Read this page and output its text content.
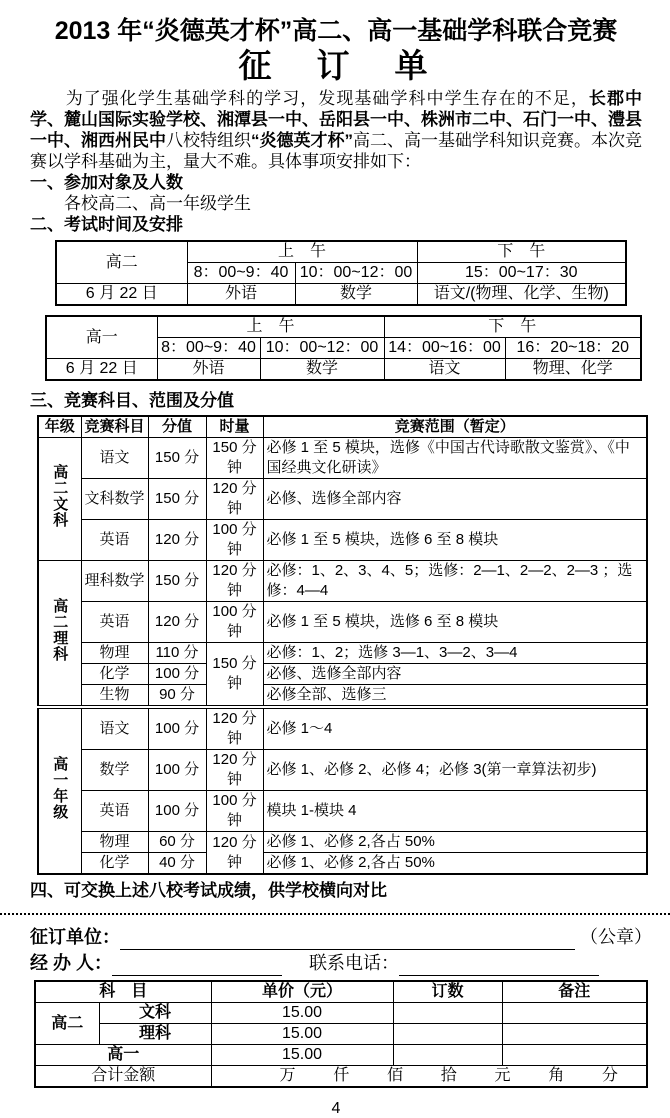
2013 年“炎德英才杯”高二、高一基础学科联合竞赛
征　订　单

为了强化学生基础学科的学习，发现基础学科中学生存在的不足，长郡中学、麓山国际实验学校、湘潭县一中、岳阳县一中、株洲市二中、石门一中、澧县一中、湘西州民中八校特组织“炎德英才杯”高二、高一基础学科知识竞赛。本次竞赛以学科基础为主，量大不难。具体事项安排如下：

一、参加对象及人数
各校高二、高一年级学生
二、考试时间及安排
高二	上　午		下　午
	8：00~9：40	10：00~12：00	15：00~17：30
6 月 22 日	外语	数学	语文/(物理、化学、生物)
高一	上　午		下　午	
	8：00~9：40	10：00~12：00	14：00~16：00	16：20~18：20
6 月 22 日	外语	数学	语文	物理、化学
三、竞赛科目、范围及分值
年级	竞赛科目	分值	时量	竞赛范围（暂定）
高二文科	语文	150 分	150 分钟	必修 1 至 5 模块，选修《中国古代诗歌散文鉴赏》、《中国经典文化研读》
	文科数学	150 分	120 分钟	必修、选修全部内容
	英语	120 分	100 分钟	必修 1 至 5 模块，选修 6 至 8 模块
高二理科	理科数学	150 分	120 分钟	必修：1、2、3、4、5；选修：2—1、2—2、2—3 ；选修：4—4
	英语	120 分	100 分钟	必修 1 至 5 模块，选修 6 至 8 模块
	物理	110 分	150 分钟	必修：1、2；选修 3—1、3—2、3—4
	化学	100 分		必修、选修全部内容
	生物	90 分		必修全部、选修三
高一年级	语文	100 分	120 分钟	必修 1～4
	数学	100 分	120 分钟	必修 1、必修 2、必修 4；必修 3(第一章算法初步)
	英语	100 分	100 分钟	模块 1-模块 4
	物理	60 分	120 分钟	必修 1、必修 2,各占 50%
	化学	40 分		必修 1、必修 2,各占 50%
四、可交换上述八校考试成绩，供学校横向对比
征订单位：	（公章）
经 办 人：	联系电话：
科　目		单价（元）	订数	备注
高二	文科	15.00		
	理科	15.00		
高一		15.00		
合计金额	万 仟 佰 拾 元 角 分
4
